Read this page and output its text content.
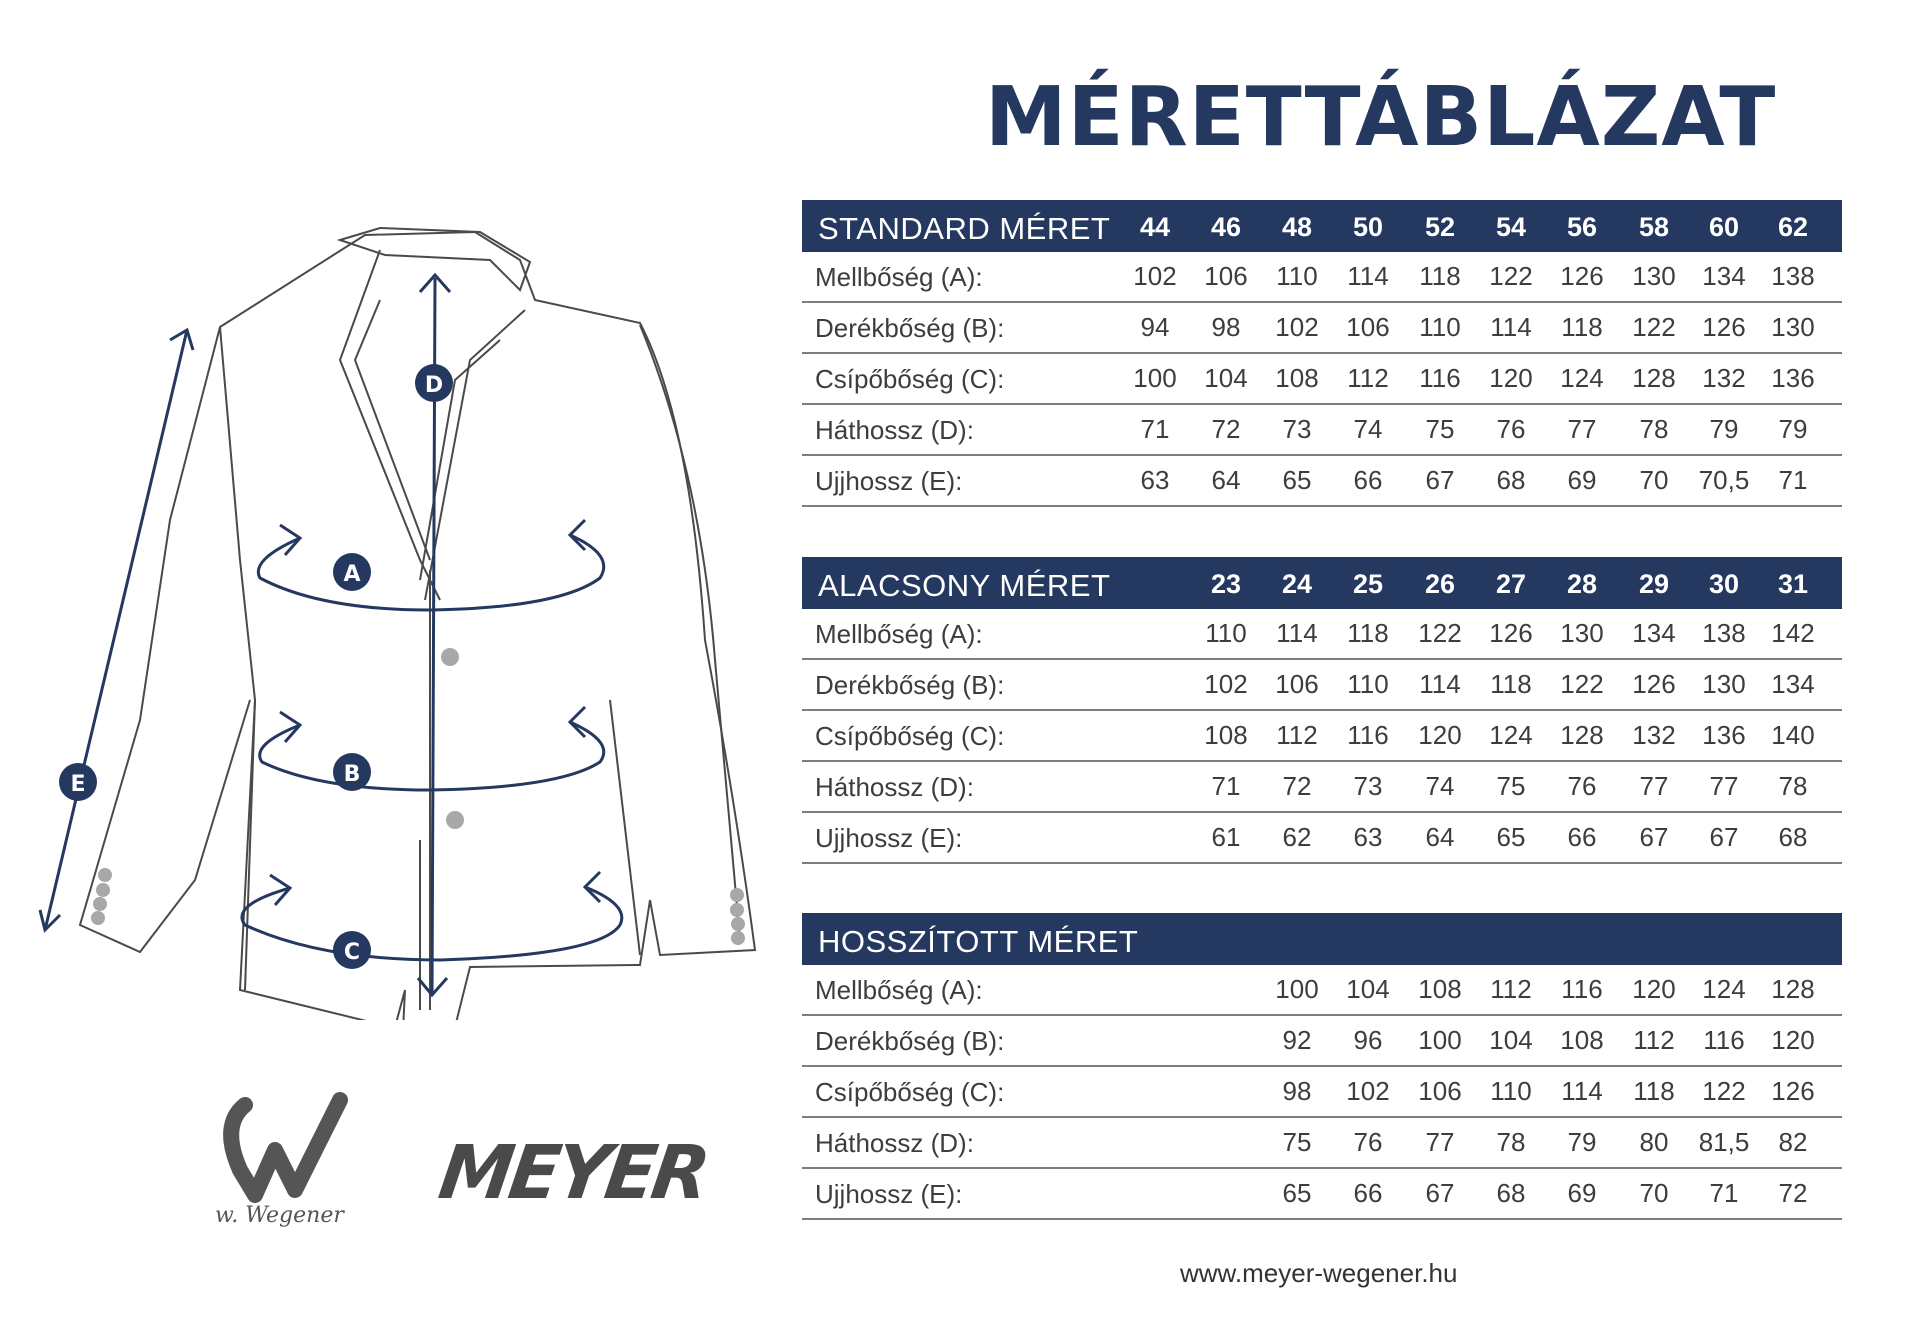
MÉRETTÁBLÁZAT
A
B
C
D
E
STANDARD MÉRET	44	46	48	50	52	54	56	58	60	62
Mellbőség (A):	102	106	110	114	118	122	126	130	134 138
Derékbőség (B):	94	98	102	106	110	114	118	122	126 130
Csípőbőség (C):	100	104	108	112	116	120	124	128	132 136
Háthossz (D):	71	72	73	74	75	76	77	78	79	79
Ujjhossz (E):	63	64	65	66	67	68	69	70	70,5	71
ALACSONY MÉRET	23	24	25	26	27	28	29	30	31
Mellbőség (A):	110	114	118	122	126	130	134	138 142
Derékbőség (B):	102	106	110	114	118	122	126	130 134
Csípőbőség (C):	108	112	116	120	124	128	132	136 140
Háthossz (D):	71	72	73	74	75	76	77	77	78
Ujjhossz (E):	61	62	63	64	65	66	67	67	68
HOSSZÍTOTT MÉRET
Mellbőség (A):	100	104	108	112	116	120	124 128
Derékbőség (B):	92	96	100	104	108	112	116	120
Csípőbőség (C):	98	102	106	110	114	118	122 126
Háthossz (D):	75	76	77	78	79	80	81,5	82
Ujjhossz (E):	65	66	67	68	69	70	71	72
w. Wegener MEYER
www.meyer-wegener.hu
